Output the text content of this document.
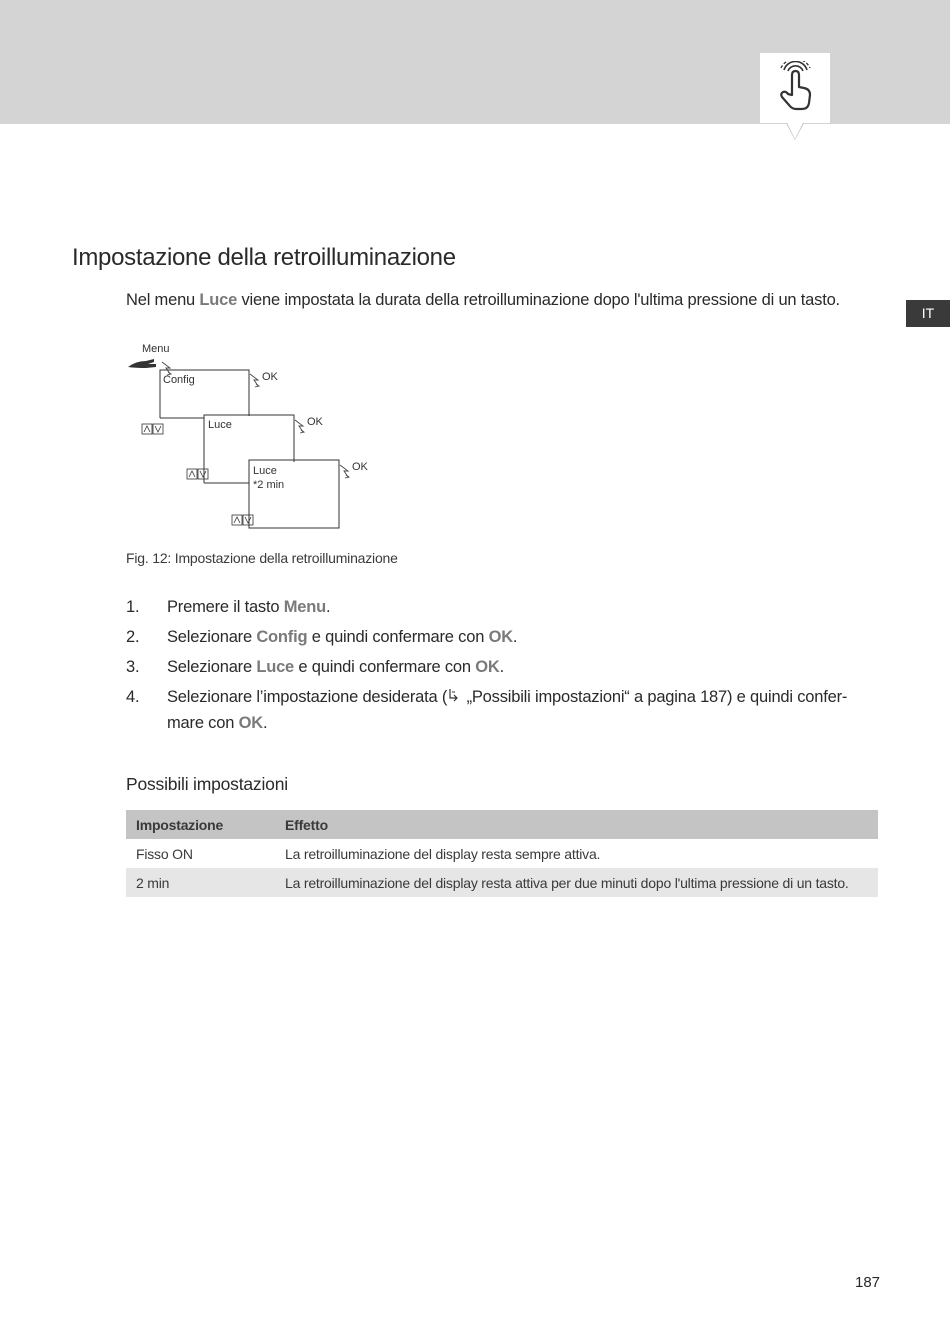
IT
Impostazione della retroilluminazione

Nel menu Luce viene impostata la durata della retroilluminazione dopo l'ultima pressione di un tasto.

Menu
Config	OK
Luce	OK
Luce
*2 min
OK
Fig. 12: Impostazione della retroilluminazione
1. Premere il tasto Menu.
2. Selezionare Config e quindi confermare con OK.
3. Selezionare Luce e quindi confermare con OK.
4. Selezionare l’impostazione desiderata ( „Possibili impostazioni“ a pagina 187) e quindi confer-
mare con OK.
Possibili impostazioni
Impostazione	Effetto
Fisso ON	La retroilluminazione del display resta sempre attiva.
2 min	La retroilluminazione del display resta attiva per due minuti dopo l'ultima pressione di un tasto.
187
